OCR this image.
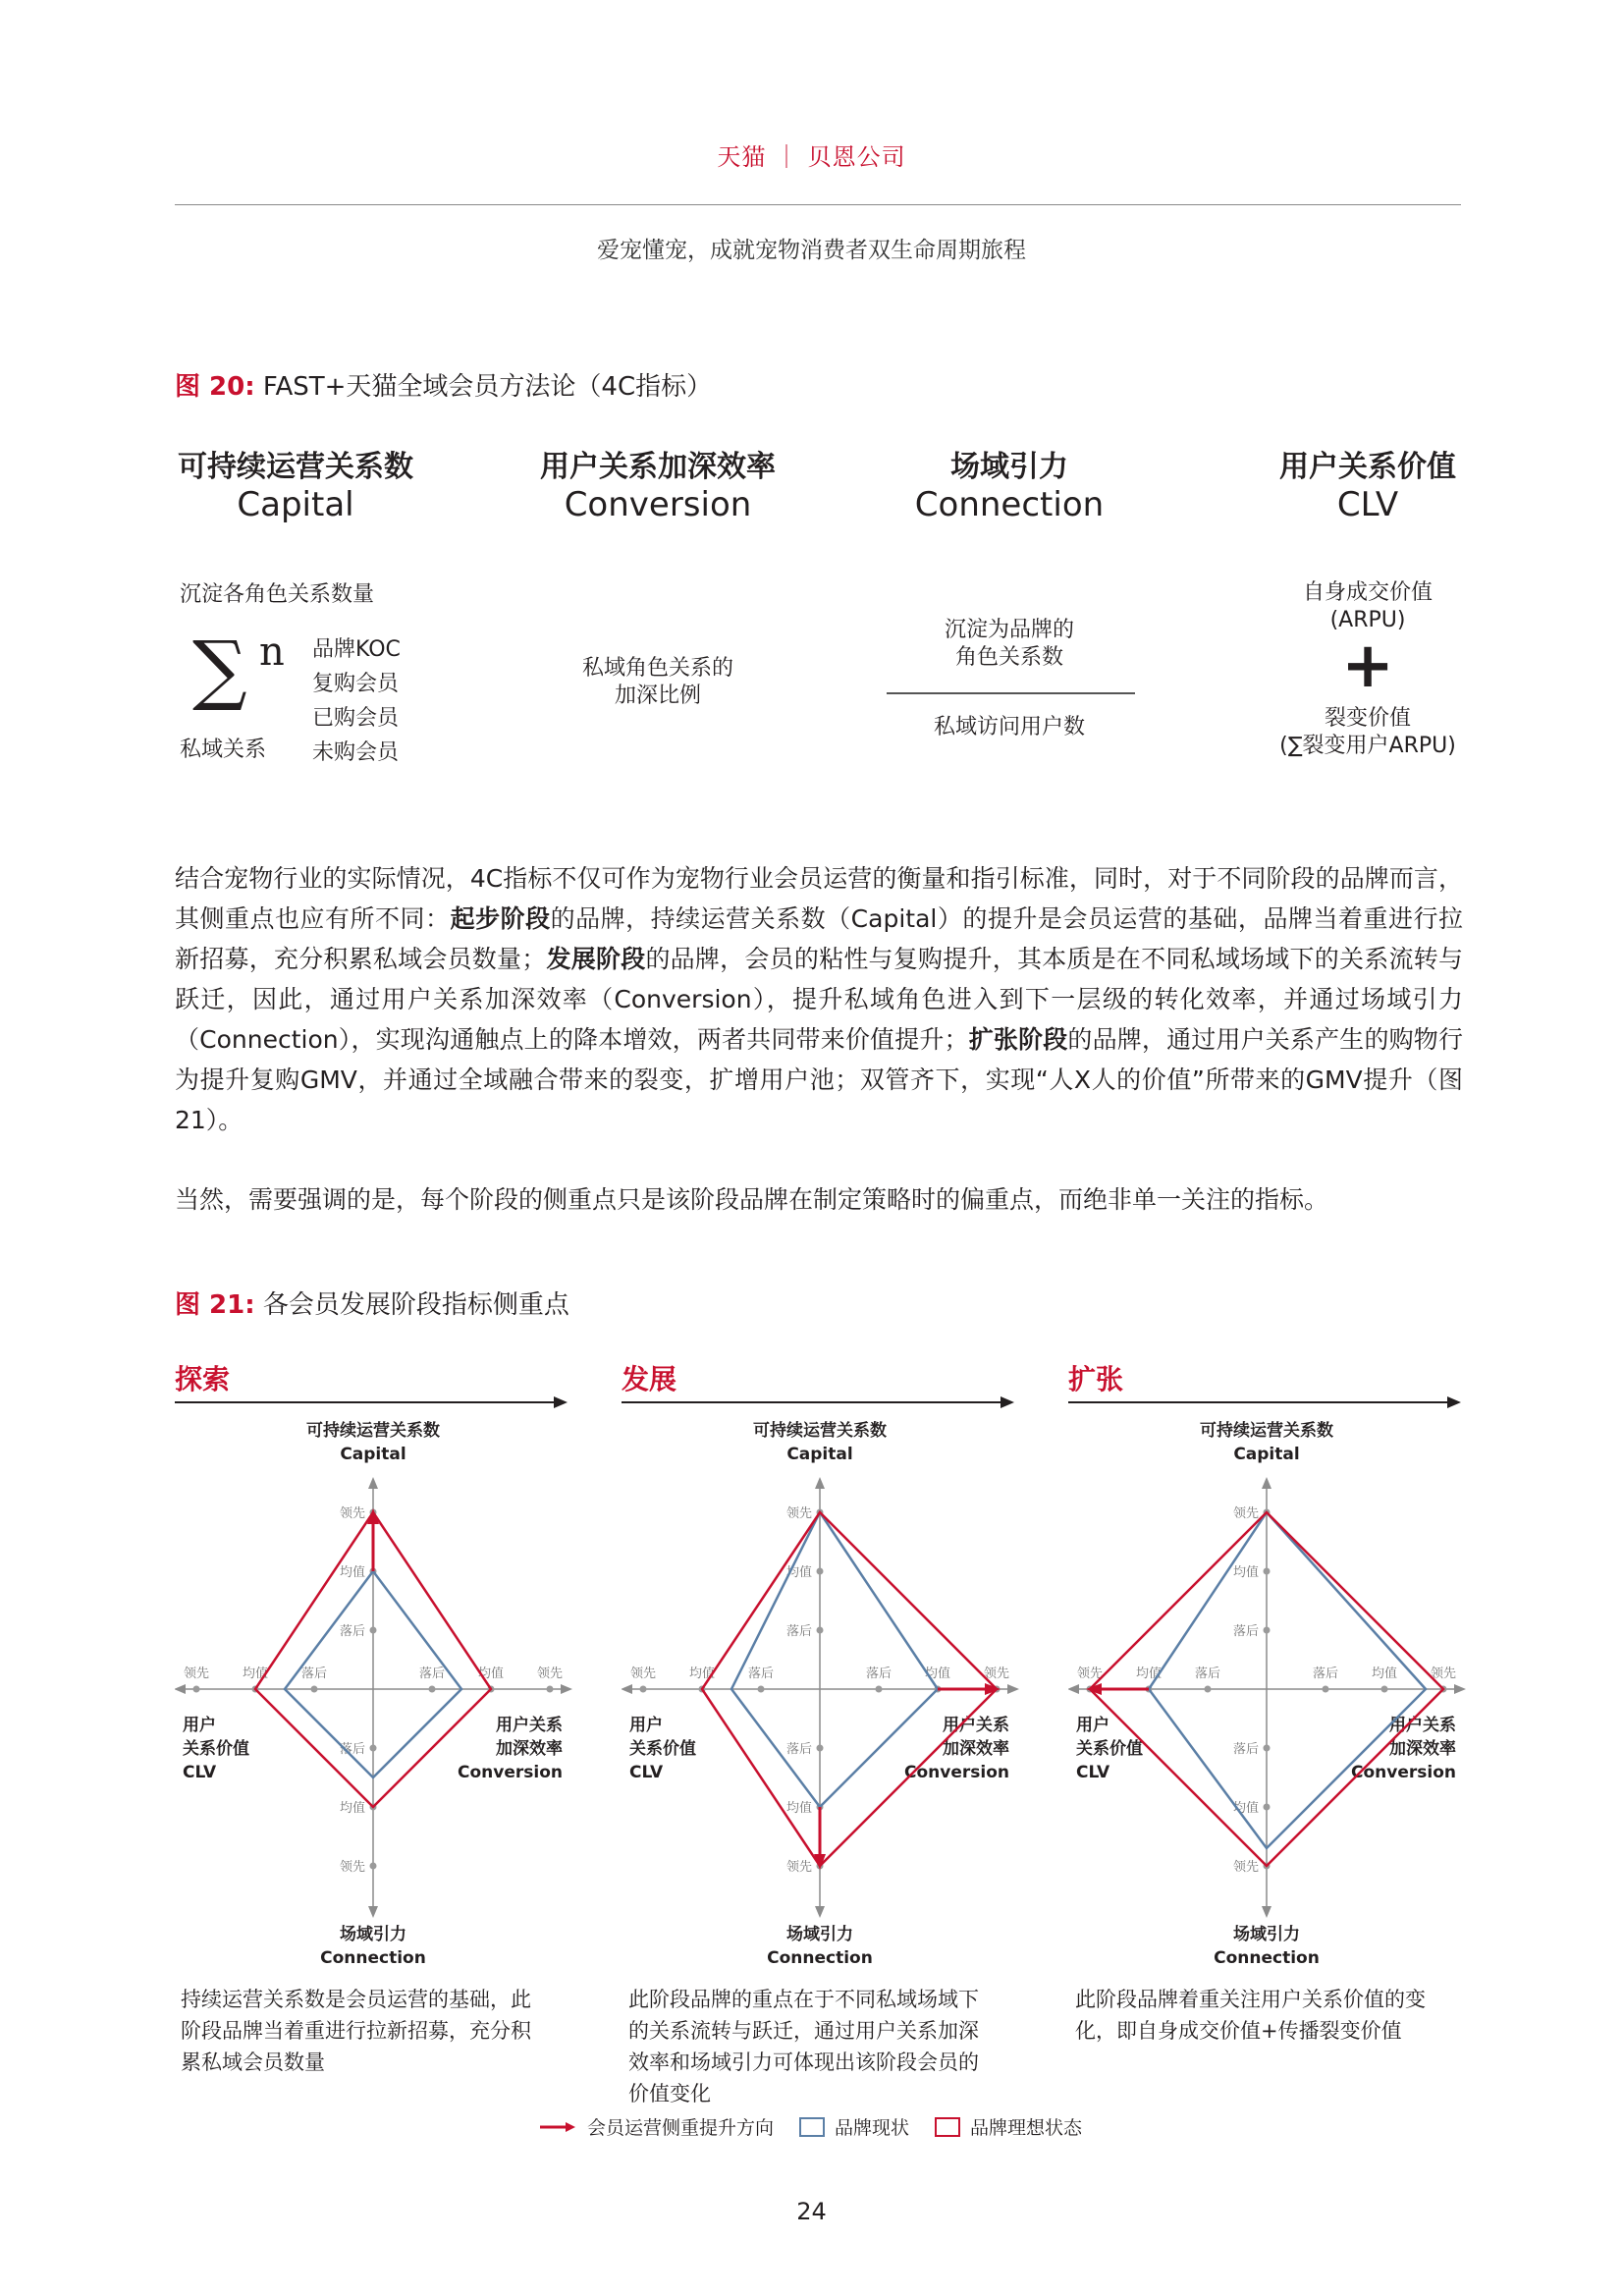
天猫 ｜ 贝恩公司
爱宠懂宠，成就宠物消费者双生命周期旅程
图 20: FAST+天猫全域会员方法论（4C指标）
可持续运营关系数
Capital
用户关系加深效率
Conversion
场域引力
Connection
用户关系价值
CLV
沉淀各角色关系数量
∑ n
私域关系
品牌KOC
复购会员
已购会员
未购会员
私域角色关系的
加深比例
沉淀为品牌的
角色关系数
私域访问用户数
自身成交价值
(ARPU)
+
裂变价值
(∑裂变用户ARPU)
结合宠物行业的实际情况，4C指标不仅可作为宠物行业会员运营的衡量和指引标准，同时，对于不同阶段的品牌而言，其侧重点也应有所不同：起步阶段的品牌，持续运营关系数（Capital）的提升是会员运营的基础，品牌当着重进行拉新招募，充分积累私域会员数量；发展阶段的品牌，会员的粘性与复购提升，其本质是在不同私域场域下的关系流转与跃迁，因此，通过用户关系加深效率（Conversion），提升私域角色进入到下一层级的转化效率，并通过场域引力（Connection），实现沟通触点上的降本增效，两者共同带来价值提升；扩张阶段的品牌，通过用户关系产生的购物行为提升复购GMV，并通过全域融合带来的裂变，扩增用户池；双管齐下，实现“人X人的价值”所带来的GMV提升（图21）。
当然，需要强调的是，每个阶段的侧重点只是该阶段品牌在制定策略时的偏重点，而绝非单一关注的指标。
图 21: 各会员发展阶段指标侧重点
探索	发展	扩张
可持续运营关系数
Capital
场域引力
Connection
用户
关系价值
CLV
用户关系
加深效率
Conversion
落后
落后
落后
落后
均值
均值
均值
均值
领先
领先
领先
领先
可持续运营关系数
Capital
场域引力
Connection
用户
关系价值
CLV
用户关系
加深效率
Conversion
落后
落后
落后
落后
均值
均值
均值
均值
领先
领先
领先
领先
可持续运营关系数
Capital
场域引力
Connection
用户
关系价值
CLV
用户关系
加深效率
Conversion
落后
落后
落后
落后
均值
均值
均值
均值
领先
领先
领先
领先
持续运营关系数是会员运营的基础，此
阶段品牌当着重进行拉新招募，充分积
累私域会员数量
此阶段品牌的重点在于不同私域场域下
的关系流转与跃迁，通过用户关系加深
效率和场域引力可体现出该阶段会员的
价值变化
此阶段品牌着重关注用户关系价值的变
化，即自身成交价值+传播裂变价值
会员运营侧重提升方向	品牌现状	品牌理想状态
24
